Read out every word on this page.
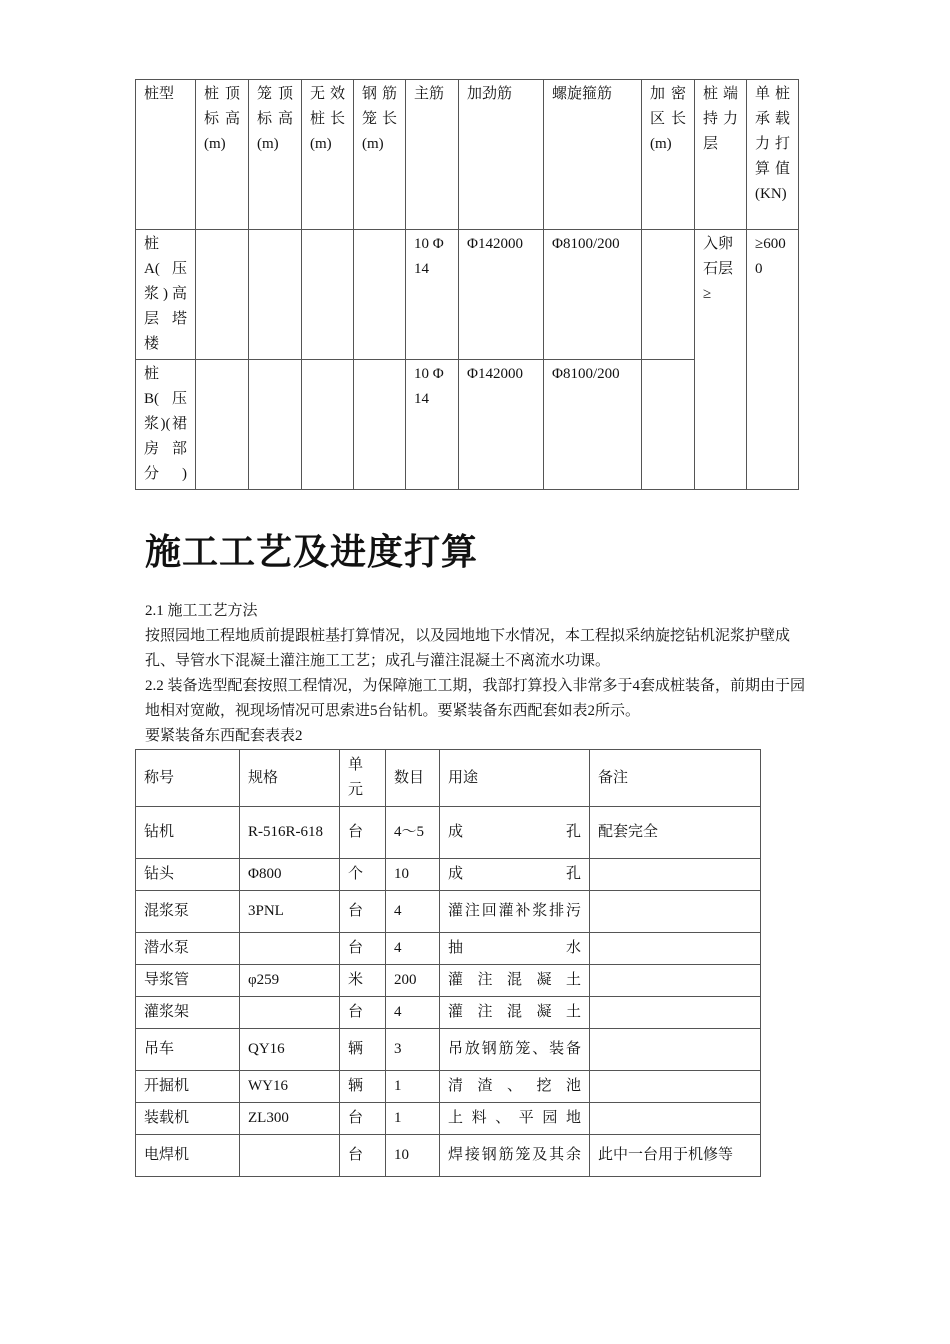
桩型	桩顶标高(m)	笼顶标高(m)	无效桩长(m)	钢筋笼长(m)	主筋	加劲筋	螺旋箍筋	加密区长(m)	桩端持力层	单桩承载力打算值(KN)
桩A(压浆)高层塔楼					10 Φ14	Φ142000	Φ8100/200		入卵石层≥	≥6000
桩B(压浆)(裙房部分)					10 Φ14	Φ142000	Φ8100/200			
施工工艺及进度打算

2.1 施工工艺方法

按照园地工程地质前提跟桩基打算情况，以及园地地下水情况，本工程拟采纳旋挖钻机泥浆护壁成孔、导管水下混凝土灌注施工工艺；成孔与灌注混凝土不离流水功课。

2.2 装备选型配套按照工程情况，为保障施工工期，我部打算投入非常多于4套成桩装备，前期由于园地相对宽敞，视现场情况可思索进5台钻机。要紧装备东西配套如表2所示。

要紧装备东西配套表表2

称号	规格	单元	数目	用途	备注
钻机	R-516R-618	台	4～5	成孔	配套完全
钻头	Φ800	个	10	成孔	
混浆泵	3PNL	台	4	灌注回灌补浆排污	
潜水泵		台	4	抽水	
导浆管	φ259	米	200	灌注混凝土	
灌浆架		台	4	灌注混凝土	
吊车	QY16	辆	3	吊放钢筋笼、装备	
开掘机	WY16	辆	1	清渣、挖池	
装载机	ZL300	台	1	上料、平园地	
电焊机		台	10	焊接钢筋笼及其余	此中一台用于机修等
